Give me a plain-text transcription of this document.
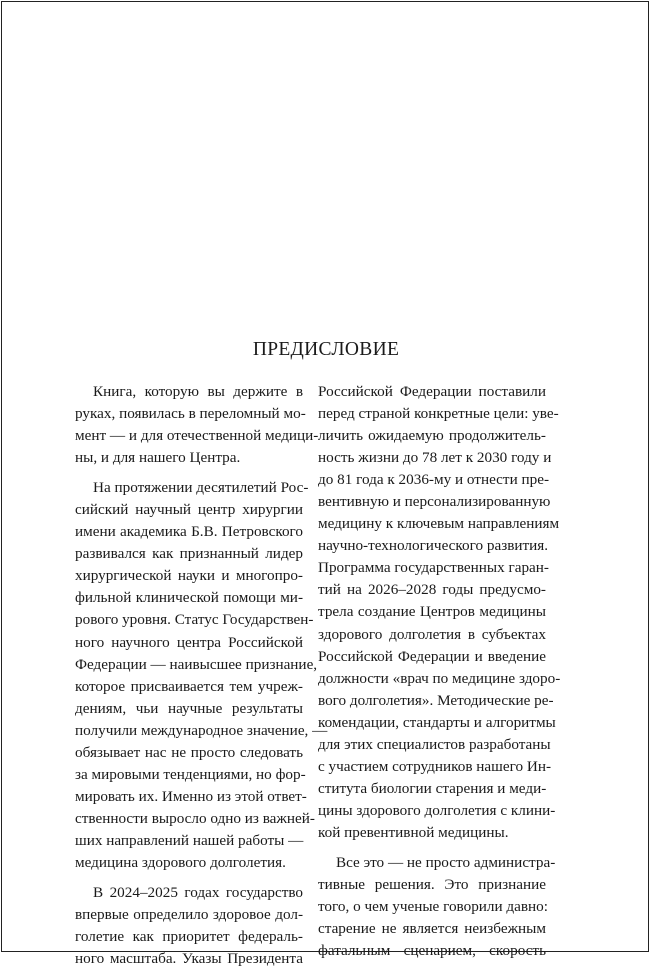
ПРЕДИСЛОВИЕ
Книга, которую вы держите в
руках, появилась в переломный мо-
мент — и для отечественной медици-
ны, и для нашего Центра.
На протяжении десятилетий Рос-
сийский научный центр хирургии
имени академика Б.В. Петровского
развивался как признанный лидер
хирургической науки и многопро-
фильной клинической помощи ми-
рового уровня. Статус Государствен-
ного научного центра Российской
Федерации — наивысшее признание,
которое присваивается тем учреж-
дениям, чьи научные результаты
получили международное значение, —
обязывает нас не просто следовать
за мировыми тенденциями, но фор-
мировать их. Именно из этой ответ-
ственности выросло одно из важней-
ших направлений нашей работы —
медицина здорового долголетия.
В 2024–2025 годах государство
впервые определило здоровое дол-
голетие как приоритет федераль-
ного масштаба. Указы Президента
Российской Федерации поставили
перед страной конкретные цели: уве-
личить ожидаемую продолжитель-
ность жизни до 78 лет к 2030 году и
до 81 года к 2036-му и отнести пре-
вентивную и персонализированную
медицину к ключевым направлениям
научно-технологического развития.
Программа государственных гаран-
тий на 2026–2028 годы предусмо-
трела создание Центров медицины
здорового долголетия в субъектах
Российской Федерации и введение
должности «врач по медицине здоро-
вого долголетия». Методические ре-
комендации, стандарты и алгоритмы
для этих специалистов разработаны
с участием сотрудников нашего Ин-
ститута биологии старения и меди-
цины здорового долголетия с клини-
кой превентивной медицины.
Все это — не просто администра-
тивные решения. Это признание
того, о чем ученые говорили давно:
старение не является неизбежным
фатальным сценарием, скорость
